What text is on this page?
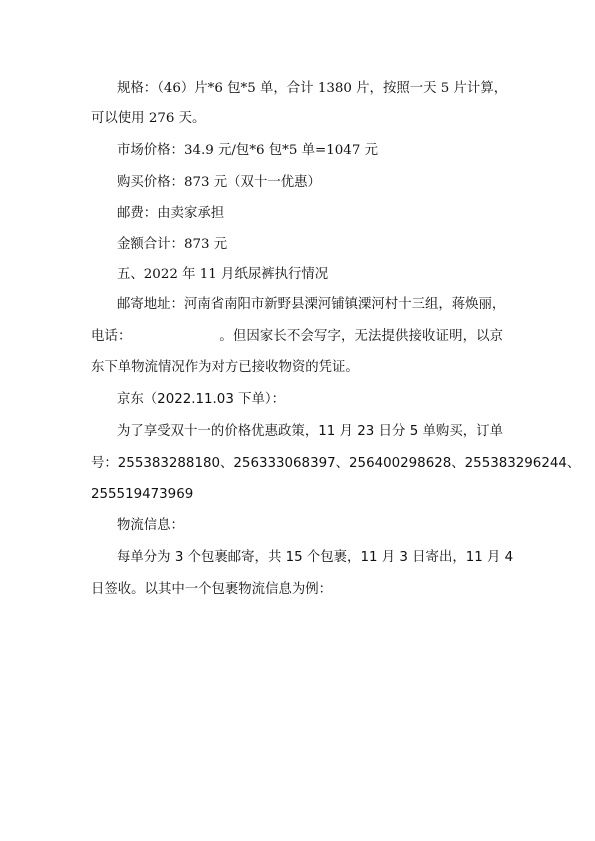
规格：（46）片*6 包*5 单，合计 1380 片，按照一天 5 片计算，
可以使用 276 天。
市场价格：34.9 元/包*6 包*5 单=1047 元
购买价格：873 元（双十一优惠）
邮费：由卖家承担
金额合计：873 元
五、2022 年 11 月纸尿裤执行情况
邮寄地址：河南省南阳市新野县溧河铺镇溧河村十三组，蒋焕丽，
电话：　　　　　　　。但因家长不会写字，无法提供接收证明，以京
东下单物流情况作为对方已接收物资的凭证。
京东（2022.11.03 下单）：
为了享受双十一的价格优惠政策，11 月 23 日分 5 单购买，订单
号：255383288180、256333068397、256400298628、255383296244、
255519473969
物流信息：
每单分为 3 个包裹邮寄，共 15 个包裹，11 月 3 日寄出，11 月 4
日签收。以其中一个包裹物流信息为例：
